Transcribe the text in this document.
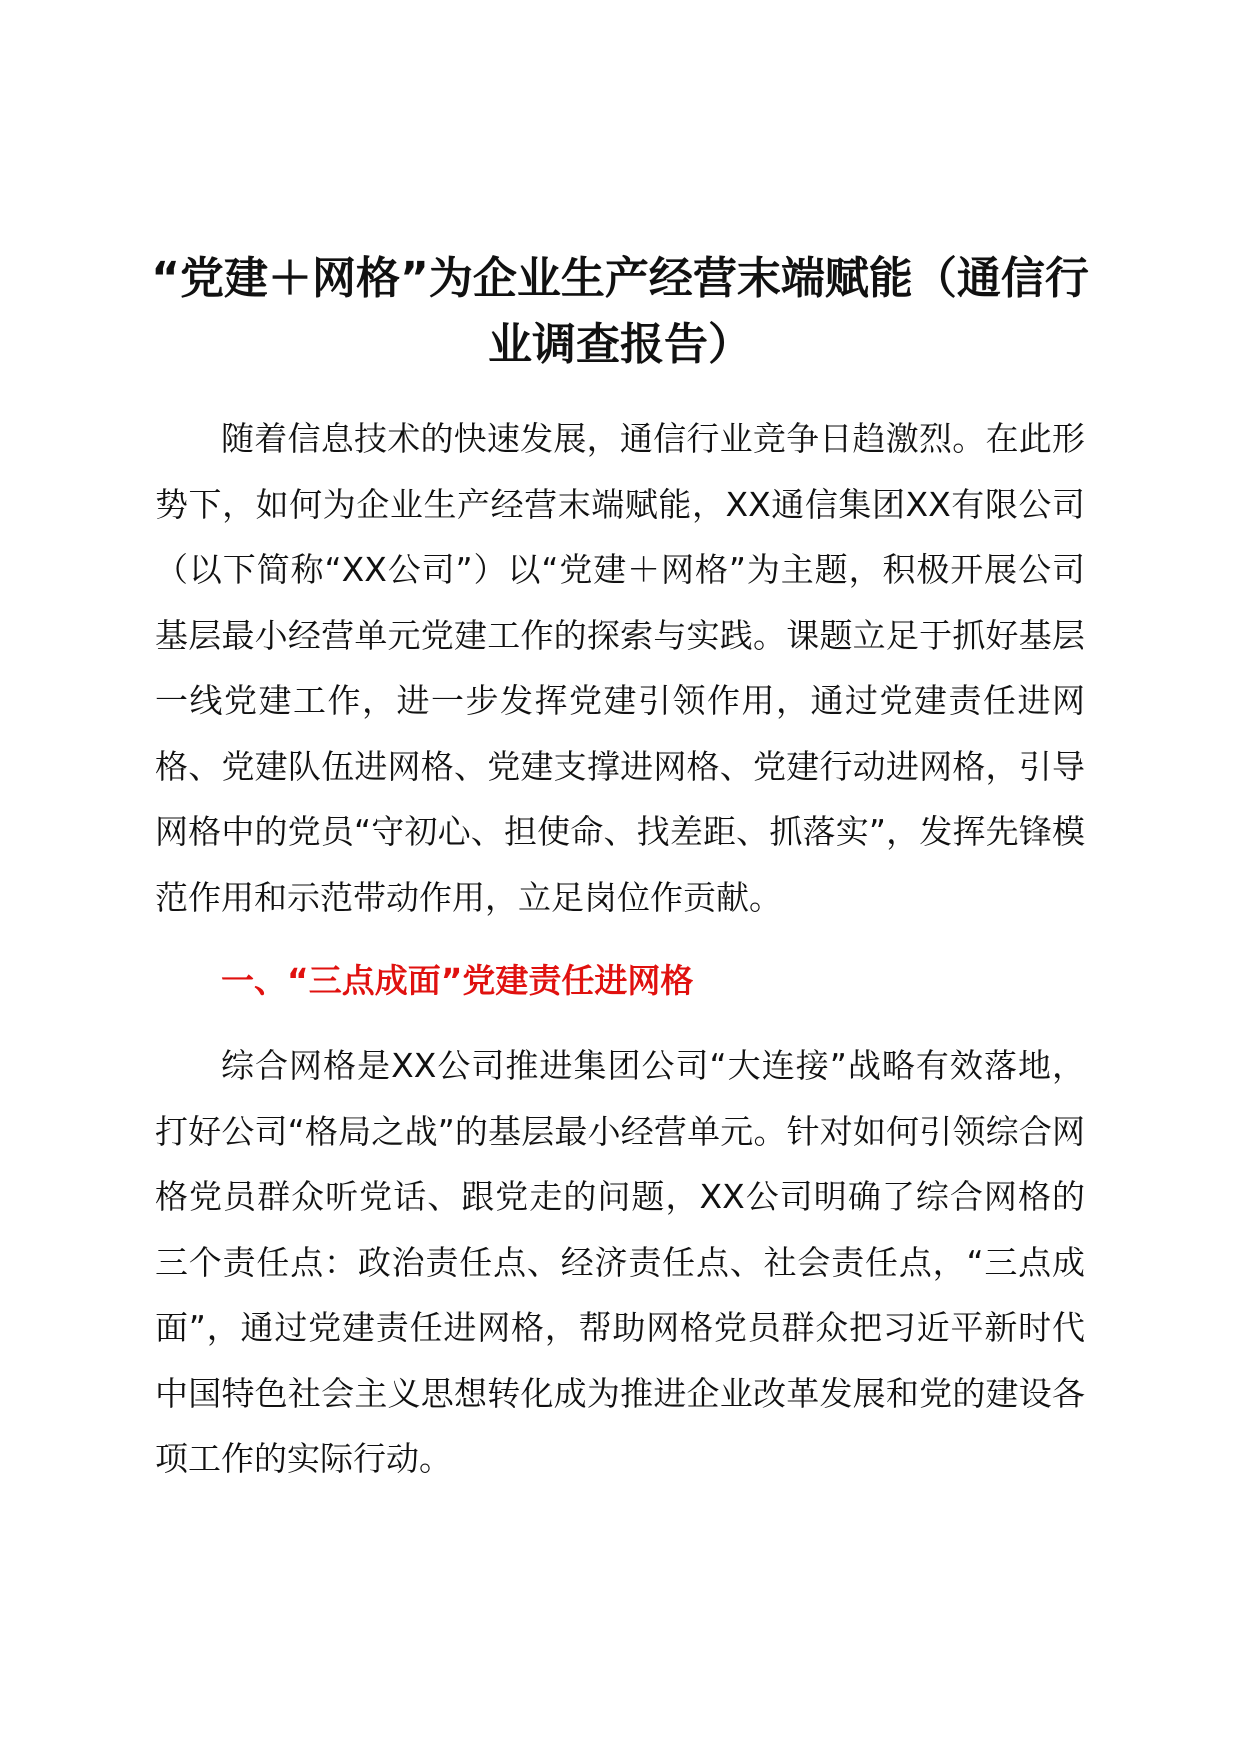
“党建＋网格”为企业生产经营末端赋能（通信行业调查报告）

随着信息技术的快速发展，通信行业竞争日趋激烈。在此形势下，如何为企业生产经营末端赋能，XX通信集团XX有限公司（以下简称“XX公司”）以“党建＋网格”为主题，积极开展公司基层最小经营单元党建工作的探索与实践。课题立足于抓好基层一线党建工作，进一步发挥党建引领作用，通过党建责任进网格、党建队伍进网格、党建支撑进网格、党建行动进网格，引导网格中的党员“守初心、担使命、找差距、抓落实”，发挥先锋模范作用和示范带动作用，立足岗位作贡献。

一、“三点成面”党建责任进网格

综合网格是XX公司推进集团公司“大连接”战略有效落地，打好公司“格局之战”的基层最小经营单元。针对如何引领综合网格党员群众听党话、跟党走的问题，XX公司明确了综合网格的三个责任点：政治责任点、经济责任点、社会责任点，“三点成面”，通过党建责任进网格，帮助网格党员群众把习近平新时代中国特色社会主义思想转化成为推进企业改革发展和党的建设各项工作的实际行动。
